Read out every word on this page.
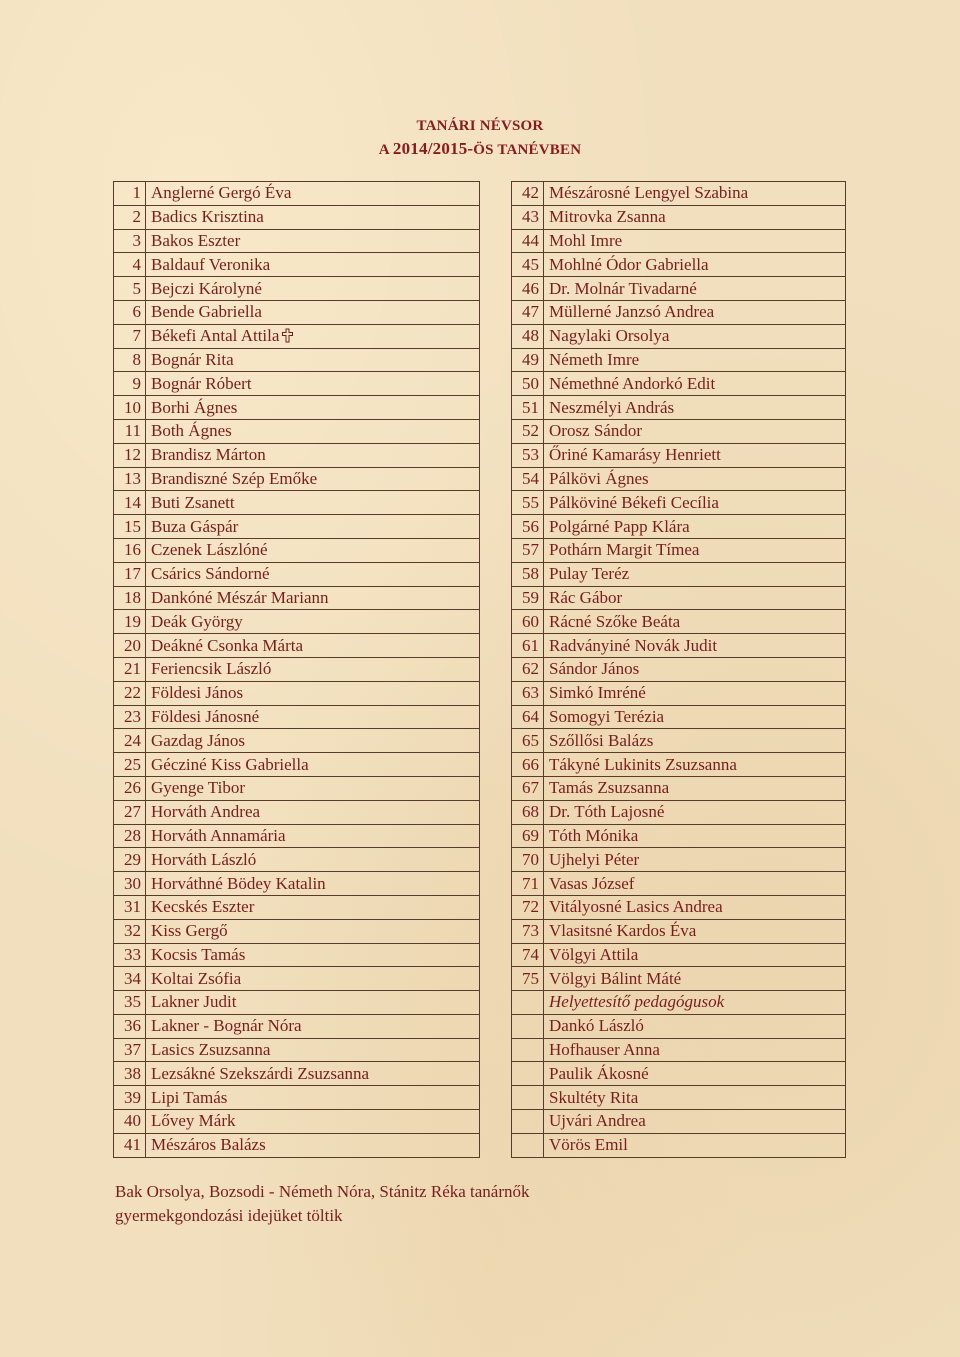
TANÁRI NÉVSOR
A 2014/2015-ÖS TANÉVBEN
1	Anglerné Gergó Éva
2	Badics Krisztina
3	Bakos Eszter
4	Baldauf Veronika
5	Bejczi Károlyné
6	Bende Gabriella
7	Békefi Antal Attila
8	Bognár Rita
9	Bognár Róbert
10	Borhi Ágnes
11	Both Ágnes
12	Brandisz Márton
13	Brandiszné Szép Emőke
14	Buti Zsanett
15	Buza Gáspár
16	Czenek Lászlóné
17	Csárics Sándorné
18	Dankóné Mészár Mariann
19	Deák György
20	Deákné Csonka Márta
21	Feriencsik László
22	Földesi János
23	Földesi Jánosné
24	Gazdag János
25	Gécziné Kiss Gabriella
26	Gyenge Tibor
27	Horváth Andrea
28	Horváth Annamária
29	Horváth László
30	Horváthné Bödey Katalin
31	Kecskés Eszter
32	Kiss Gergő
33	Kocsis Tamás
34	Koltai Zsófia
35	Lakner Judit
36	Lakner - Bognár Nóra
37	Lasics Zsuzsanna
38	Lezsákné Szekszárdi Zsuzsanna
39	Lipi Tamás
40	Lővey Márk
41	Mészáros Balázs
42	Mészárosné Lengyel Szabina
43	Mitrovka Zsanna
44	Mohl Imre
45	Mohlné Ódor Gabriella
46	Dr. Molnár Tivadarné
47	Müllerné Janzsó Andrea
48	Nagylaki Orsolya
49	Németh Imre
50	Némethné Andorkó Edit
51	Neszmélyi András
52	Orosz Sándor
53	Őriné Kamarásy Henriett
54	Pálkövi Ágnes
55	Pálköviné Békefi Cecília
56	Polgárné Papp Klára
57	Pothárn Margit Tímea
58	Pulay Teréz
59	Rác Gábor
60	Rácné Szőke Beáta
61	Radványiné Novák Judit
62	Sándor János
63	Simkó Imréné
64	Somogyi Terézia
65	Szőllősi Balázs
66	Tákyné Lukinits Zsuzsanna
67	Tamás Zsuzsanna
68	Dr. Tóth Lajosné
69	Tóth Mónika
70	Ujhelyi Péter
71	Vasas József
72	Vitályosné Lasics Andrea
73	Vlasitsné Kardos Éva
74	Völgyi Attila
75	Völgyi Bálint Máté
	Helyettesítő pedagógusok
	Dankó László
	Hofhauser Anna
	Paulik Ákosné
	Skultéty Rita
	Ujvári Andrea
	Vörös Emil
Bak Orsolya, Bozsodi - Németh Nóra, Stánitz Réka tanárnők
gyermekgondozási idejüket töltik
9
